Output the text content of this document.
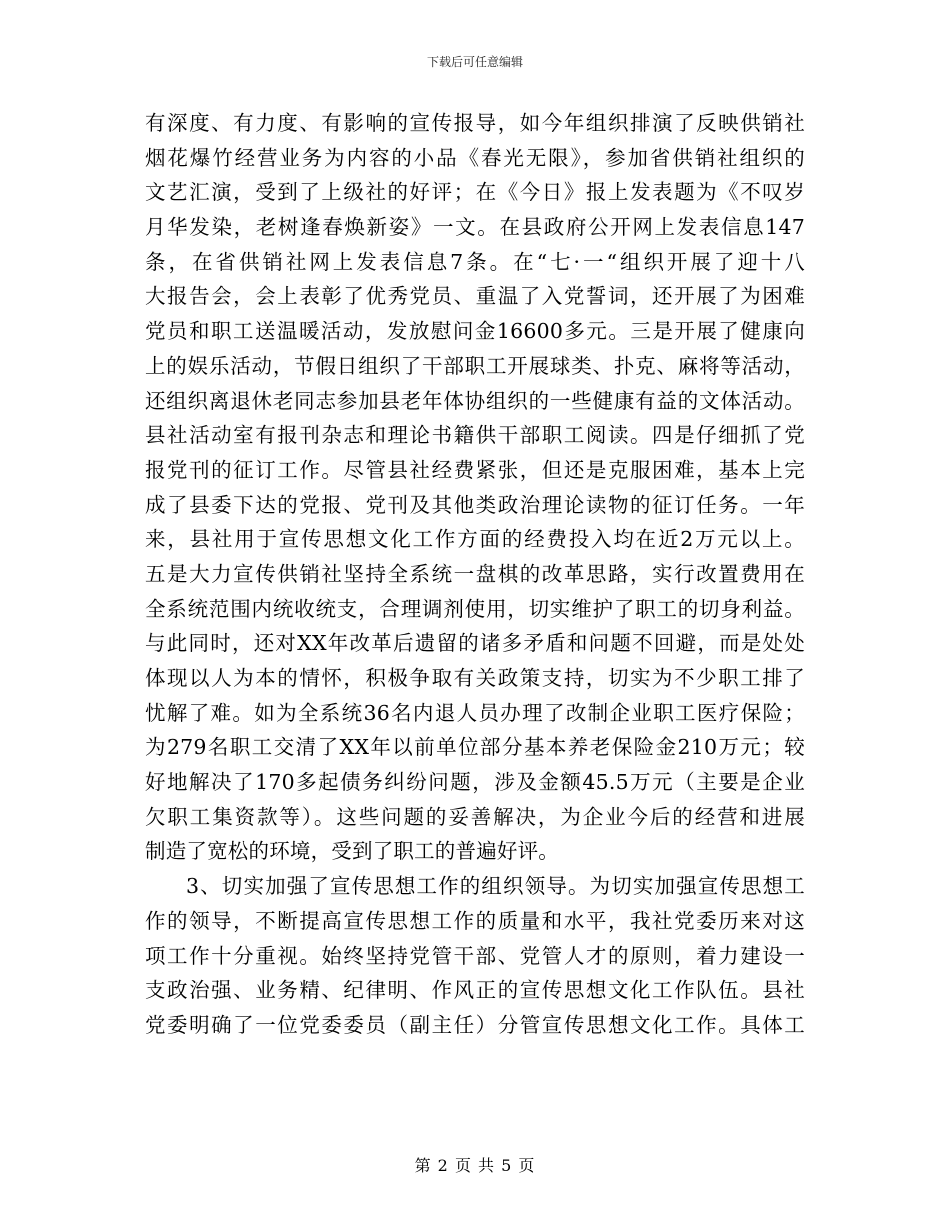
下载后可任意编辑
有深度、有力度、有影响的宣传报导，如今年组织排演了反映供销社
烟花爆竹经营业务为内容的小品《春光无限》，参加省供销社组织的
文艺汇演，受到了上级社的好评；在《今日》报上发表题为《不叹岁
月华发染，老树逢春焕新姿》一文。在县政府公开网上发表信息147
条，在省供销社网上发表信息7条。在“七·一“组织开展了迎十八
大报告会，会上表彰了优秀党员、重温了入党誓词，还开展了为困难
党员和职工送温暖活动，发放慰问金16600多元。三是开展了健康向
上的娱乐活动，节假日组织了干部职工开展球类、扑克、麻将等活动，
还组织离退休老同志参加县老年体协组织的一些健康有益的文体活动。
县社活动室有报刊杂志和理论书籍供干部职工阅读。四是仔细抓了党
报党刊的征订工作。尽管县社经费紧张，但还是克服困难，基本上完
成了县委下达的党报、党刊及其他类政治理论读物的征订任务。一年
来，县社用于宣传思想文化工作方面的经费投入均在近2万元以上。
五是大力宣传供销社坚持全系统一盘棋的改革思路，实行改置费用在
全系统范围内统收统支，合理调剂使用，切实维护了职工的切身利益。
与此同时，还对XX年改革后遗留的诸多矛盾和问题不回避，而是处处
体现以人为本的情怀，积极争取有关政策支持，切实为不少职工排了
忧解了难。如为全系统36名内退人员办理了改制企业职工医疗保险；
为279名职工交清了XX年以前单位部分基本养老保险金210万元；较
好地解决了170多起债务纠纷问题，涉及金额45.5万元（主要是企业
欠职工集资款等）。这些问题的妥善解决，为企业今后的经营和进展
制造了宽松的环境，受到了职工的普遍好评。
3、切实加强了宣传思想工作的组织领导。为切实加强宣传思想工
作的领导，不断提高宣传思想工作的质量和水平，我社党委历来对这
项工作十分重视。始终坚持党管干部、党管人才的原则，着力建设一
支政治强、业务精、纪律明、作风正的宣传思想文化工作队伍。县社
党委明确了一位党委委员（副主任）分管宣传思想文化工作。具体工
第 2 页 共 5 页
